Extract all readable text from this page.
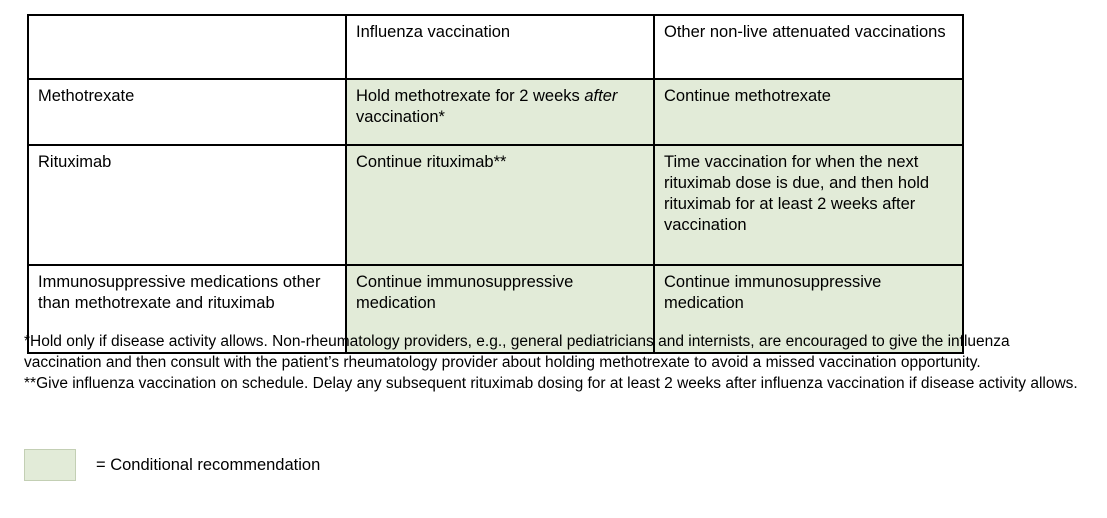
	Influenza vaccination	Other non-live attenuated vaccinations
Methotrexate	Hold methotrexate for 2 weeks after vaccination*	Continue methotrexate
Rituximab	Continue rituximab**	Time vaccination for when the next rituximab dose is due, and then hold rituximab for at least 2 weeks after vaccination
Immunosuppressive medications other than methotrexate and rituximab	Continue immunosuppressive medication	Continue immunosuppressive medication

*Hold only if disease activity allows. Non-rheumatology providers, e.g., general pediatricians and internists, are encouraged to give the influenza vaccination and then consult with the patient’s rheumatology provider about holding methotrexate to avoid a missed vaccination opportunity.

**Give influenza vaccination on schedule. Delay any subsequent rituximab dosing for at least 2 weeks after influenza vaccination if disease activity allows.

= Conditional recommendation
